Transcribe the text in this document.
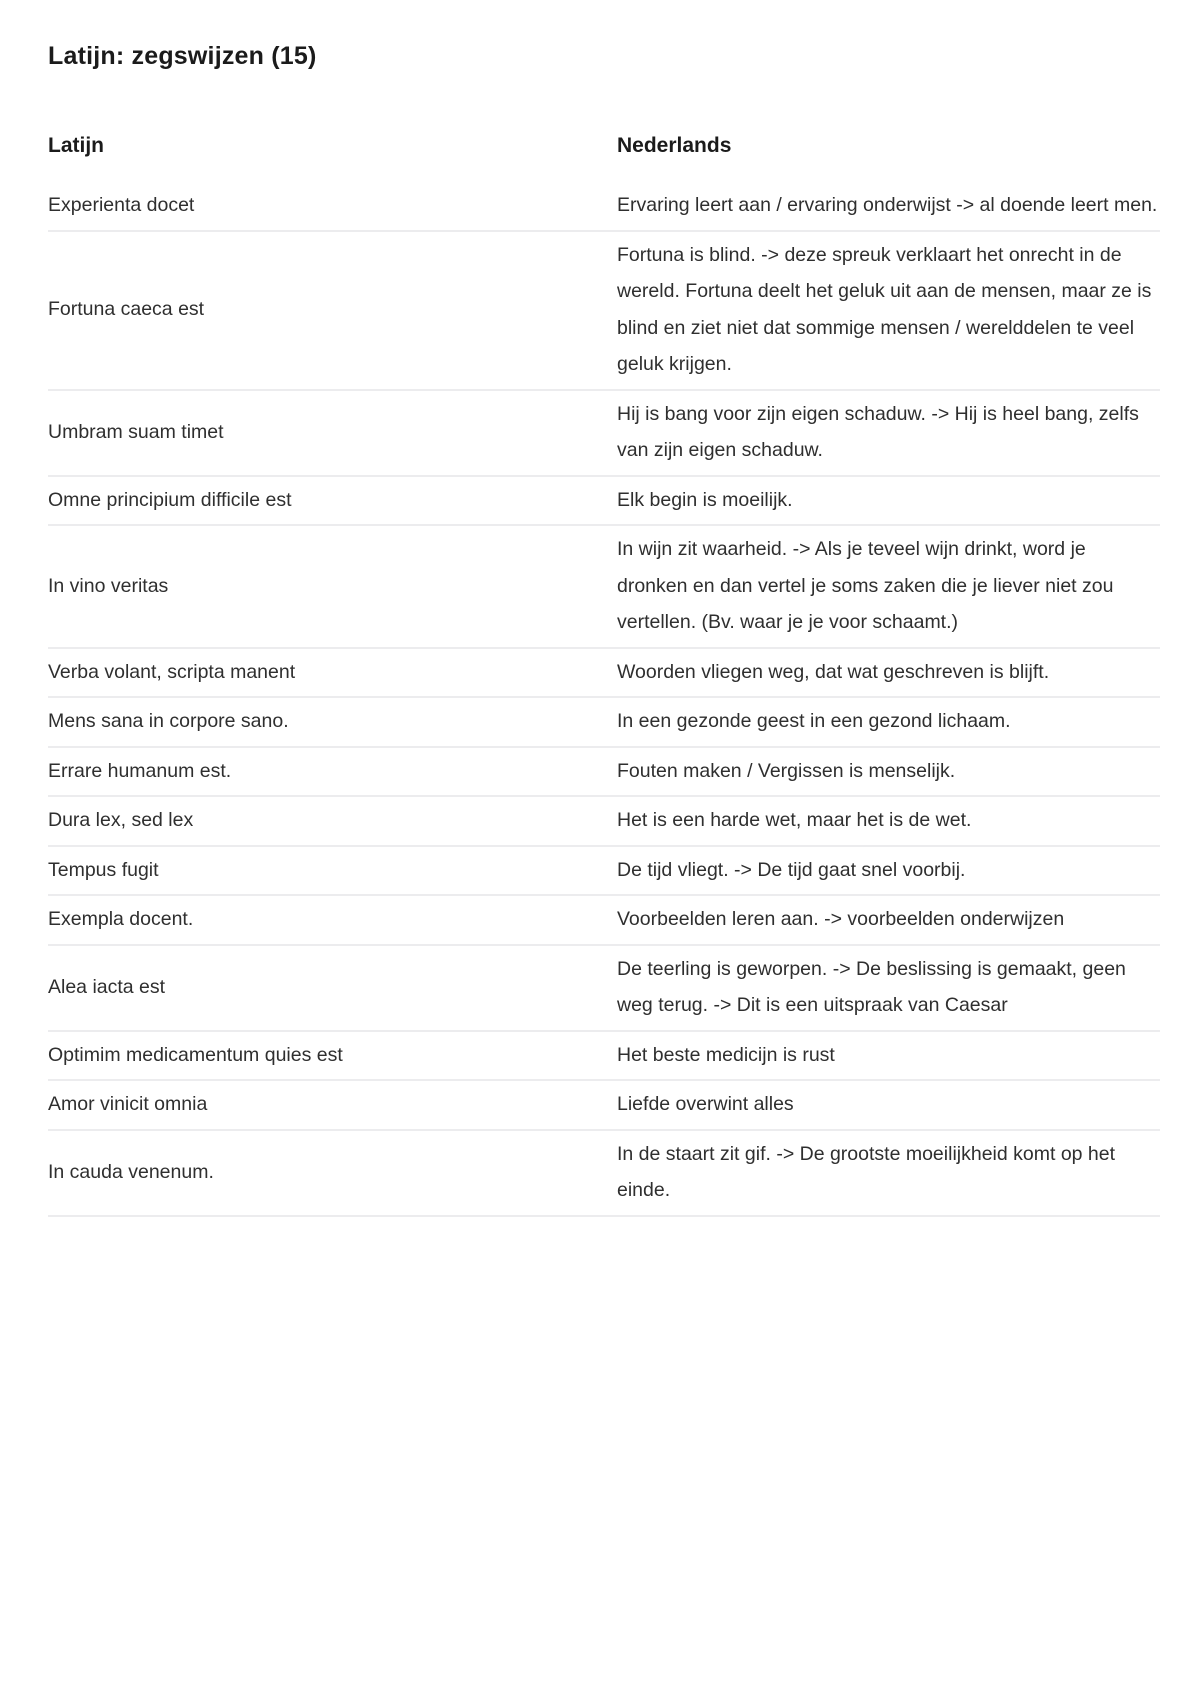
Latijn: zegswijzen (15)
Latijn	Nederlands
Experienta docet	Ervaring leert aan / ervaring onderwijst -> al doende leert men.
Fortuna caeca est	Fortuna is blind. -> deze spreuk verklaart het onrecht in de wereld. Fortuna deelt het geluk uit aan de mensen, maar ze is blind en ziet niet dat sommige mensen / werelddelen te veel geluk krijgen.
Umbram suam timet	Hij is bang voor zijn eigen schaduw. -> Hij is heel bang, zelfs van zijn eigen schaduw.
Omne principium difficile est	Elk begin is moeilijk.
In vino veritas	In wijn zit waarheid. -> Als je teveel wijn drinkt, word je dronken en dan vertel je soms zaken die je liever niet zou vertellen. (Bv. waar je je voor schaamt.)
Verba volant, scripta manent	Woorden vliegen weg, dat wat geschreven is blijft.
Mens sana in corpore sano.	In een gezonde geest in een gezond lichaam.
Errare humanum est.	Fouten maken / Vergissen is menselijk.
Dura lex, sed lex	Het is een harde wet, maar het is de wet.
Tempus fugit	De tijd vliegt. -> De tijd gaat snel voorbij.
Exempla docent.	Voorbeelden leren aan. -> voorbeelden onderwijzen
Alea iacta est	De teerling is geworpen. -> De beslissing is gemaakt, geen weg terug. -> Dit is een uitspraak van Caesar
Optimim medicamentum quies est	Het beste medicijn is rust
Amor vinicit omnia	Liefde overwint alles
In cauda venenum.	In de staart zit gif. -> De grootste moeilijkheid komt op het einde.
